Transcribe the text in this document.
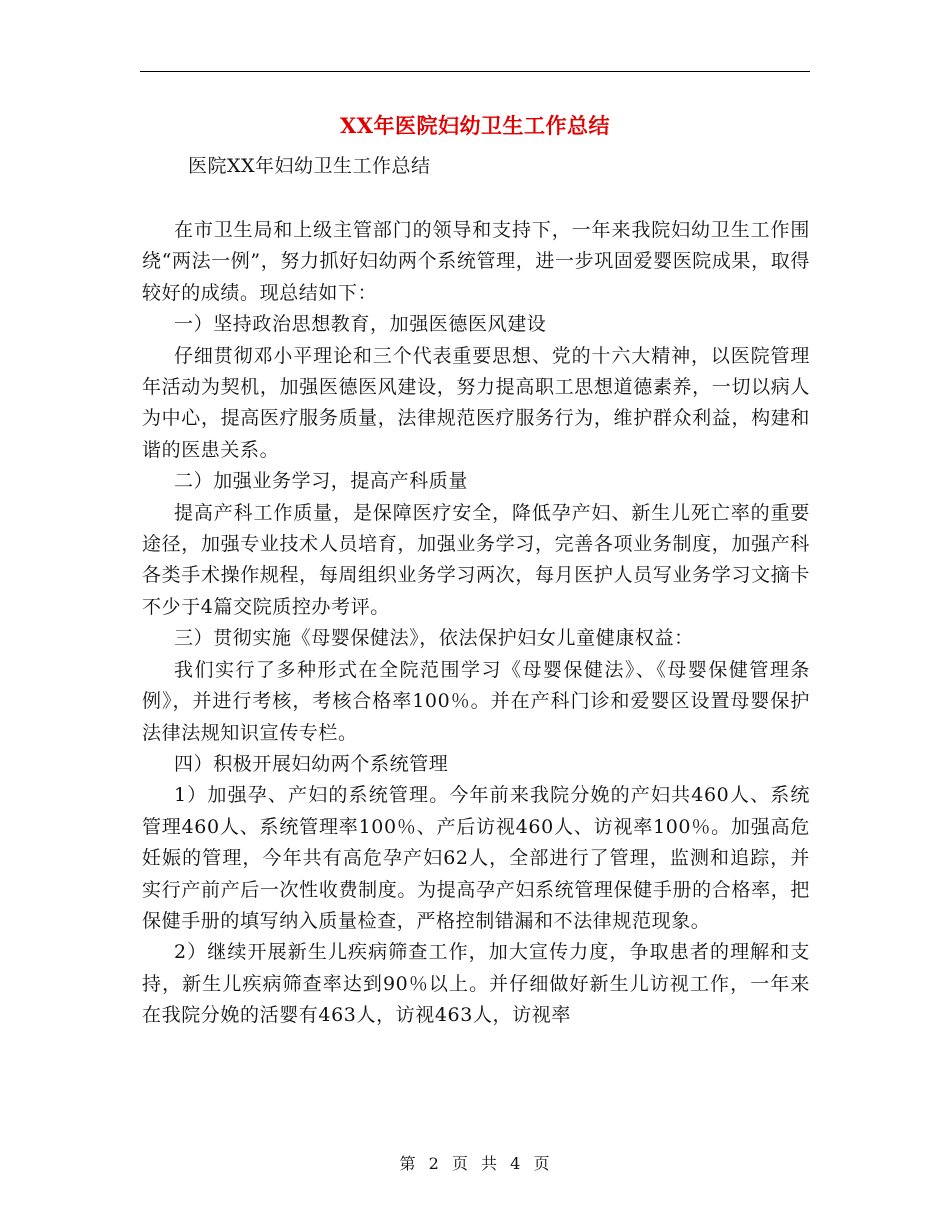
XX年医院妇幼卫生工作总结
医院XX年妇幼卫生工作总结

在市卫生局和上级主管部门的领导和支持下，一年来我院妇幼卫生工作围绕“两法一例”，努力抓好妇幼两个系统管理，进一步巩固爱婴医院成果，取得较好的成绩。现总结如下：

一）坚持政治思想教育，加强医德医风建设

仔细贯彻邓小平理论和三个代表重要思想、党的十六大精神，以医院管理年活动为契机，加强医德医风建设，努力提高职工思想道德素养，一切以病人为中心，提高医疗服务质量，法律规范医疗服务行为，维护群众利益，构建和谐的医患关系。

二）加强业务学习，提高产科质量

提高产科工作质量，是保障医疗安全，降低孕产妇、新生儿死亡率的重要途径，加强专业技术人员培育，加强业务学习，完善各项业务制度，加强产科各类手术操作规程，每周组织业务学习两次，每月医护人员写业务学习文摘卡不少于4篇交院质控办考评。

三）贯彻实施《母婴保健法》，依法保护妇女儿童健康权益：

我们实行了多种形式在全院范围学习《母婴保健法》、《母婴保健管理条例》，并进行考核，考核合格率100％。并在产科门诊和爱婴区设置母婴保护法律法规知识宣传专栏。

四）积极开展妇幼两个系统管理

1）加强孕、产妇的系统管理。今年前来我院分娩的产妇共460人、系统管理460人、系统管理率100％、产后访视460人、访视率100％。加强高危妊娠的管理，今年共有高危孕产妇62人，全部进行了管理，监测和追踪，并实行产前产后一次性收费制度。为提高孕产妇系统管理保健手册的合格率，把保健手册的填写纳入质量检查，严格控制错漏和不法律规范现象。

2）继续开展新生儿疾病筛查工作，加大宣传力度，争取患者的理解和支持，新生儿疾病筛查率达到90％以上。并仔细做好新生儿访视工作，一年来在我院分娩的活婴有463人，访视463人，访视率

第 2 页 共 4 页
